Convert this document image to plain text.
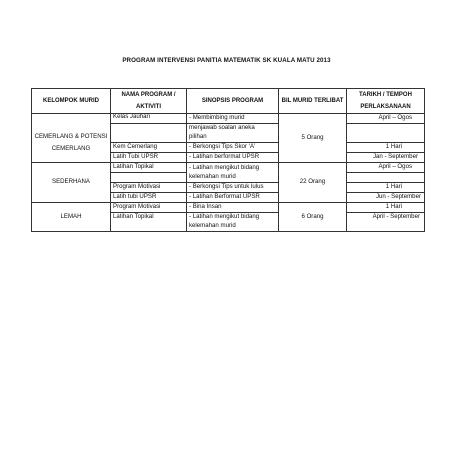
PROGRAM INTERVENSI PANITIA MATEMATIK SK KUALA MATU 2013
KELOMPOK MURID	NAMA PROGRAM /	SINOPSIS PROGRAM	BIL MURID TERLIBAT	TARIKH / TEMPOH
	AKTIVITI			PERLAKSANAAN

CEMERLANG & POTENSI
CEMERLANG	Kelas Jauhari	- Membimbing murid	5 Orang	April – Ogos
		menjawab soalan aneka		
		pilihan		
	Kem Cemerlang	- Berkongsi Tips Skor ‘A’		1 Hari
	Latih Tubi UPSR	- Latihan berformat UPSR		Jan - September
SEDERHANA	Latihan Topikal	- Latihan mengikut bidang	22 Orang	April – Ogos
		kelemahan murid		
	Program Motivasi	- Berkongsi Tips untuk lulus		1 Hari
	Latih tubi UPSR	- Latihan Berformat UPSR		Jun - September
LEMAH	Program Motivasi	- Bina Insan	6 Orang	1 Hari
	Latihan Topikal	- Latihan mengikut bidang		April - September
		kelemahan murid		
